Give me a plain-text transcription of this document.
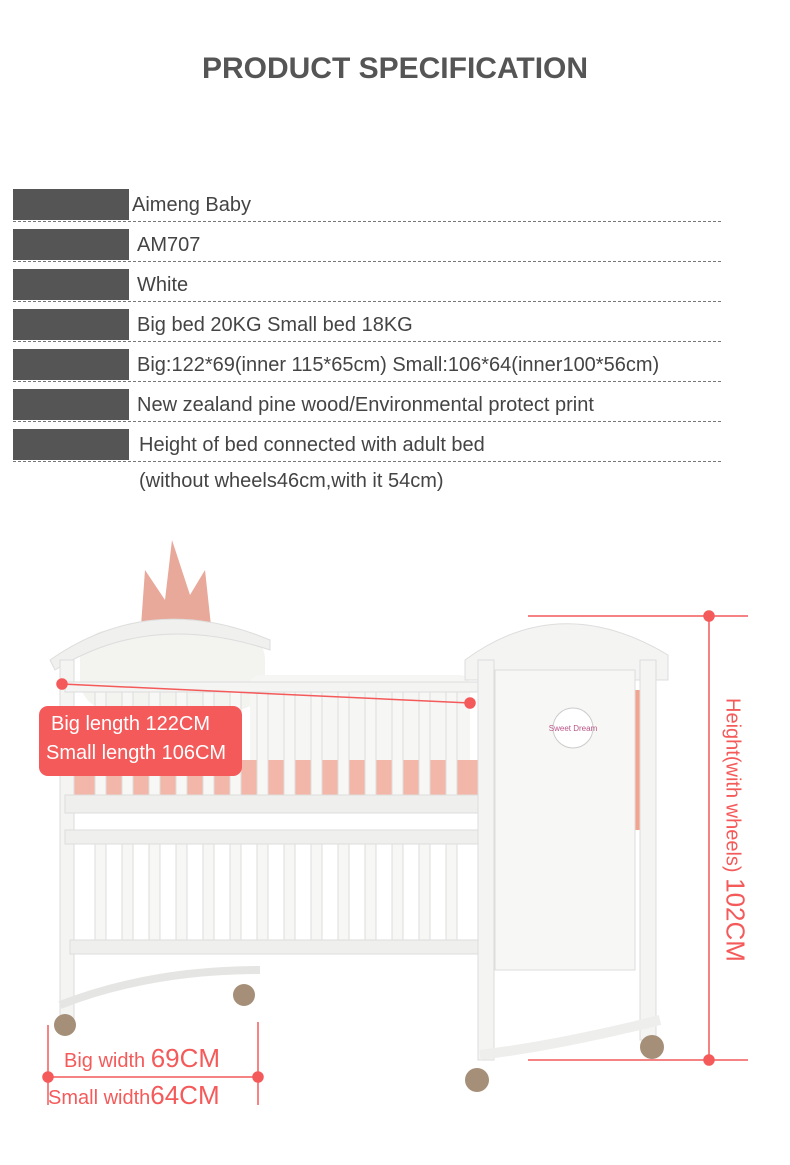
PRODUCT SPECIFICATION
Aimeng Baby
AM707
White
Big bed 20KG Small bed 18KG
Big:122*69(inner 115*65cm) Small:106*64(inner100*56cm)
New zealand pine wood/Environmental protect print
Height of bed connected with adult bed
(without wheels46cm,with it 54cm)
Sweet Dream
Big length 122CM
Small length 106CM	Height(with wheels) 102CM
Big width 69CM
Small width64CM
